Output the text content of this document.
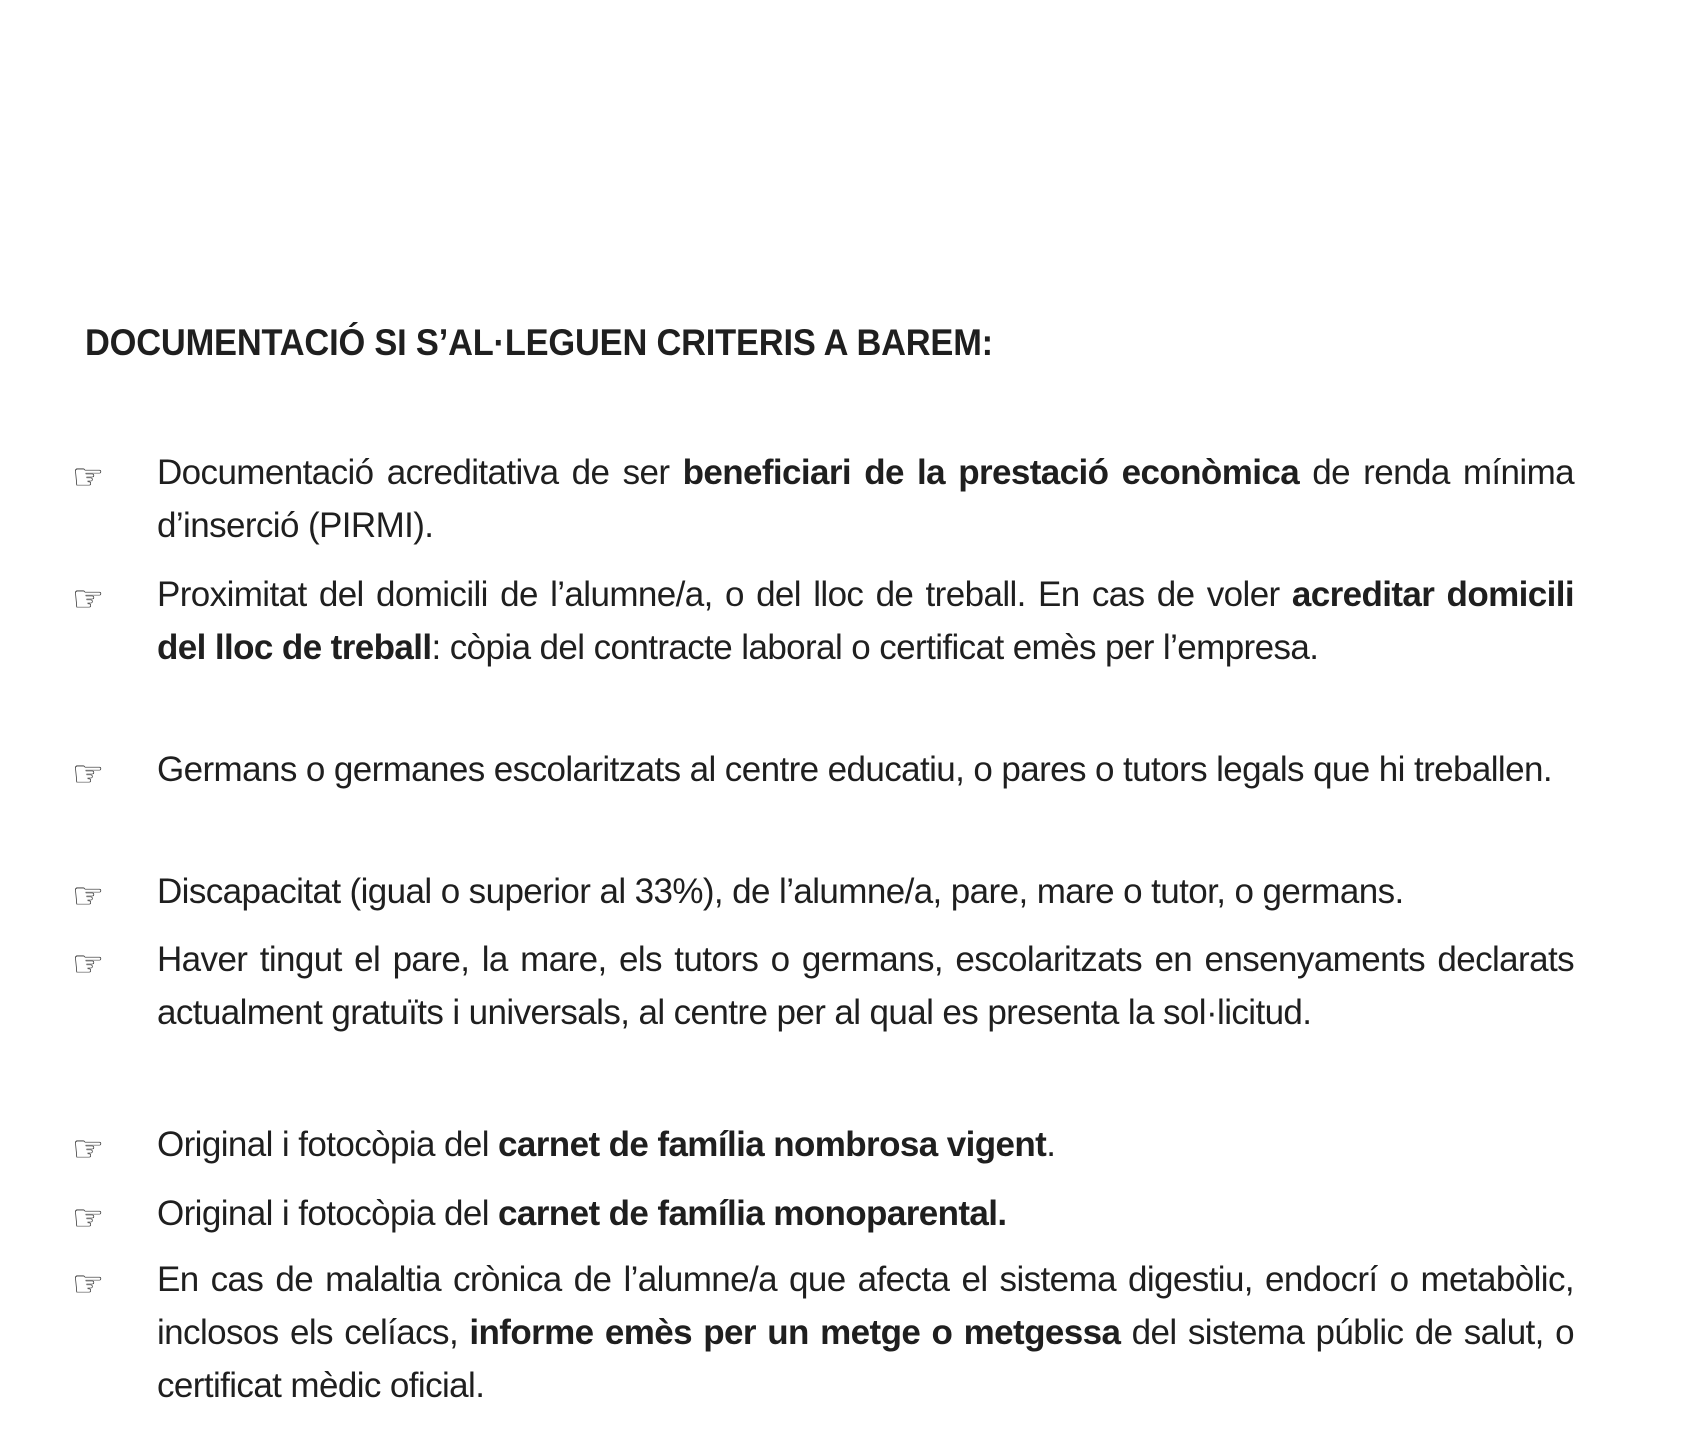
DOCUMENTACIÓ SI S’AL·LEGUEN CRITERIS A BAREM:
☞ Documentació acreditativa de ser beneficiari de la prestació econòmica de renda mínima d’inserció (PIRMI).
☞ Proximitat del domicili de l’alumne/a, o del lloc de treball. En cas de voler acreditar domicili del lloc de treball: còpia del contracte laboral o certificat emès per l’empresa.
☞ Germans o germanes escolaritzats al centre educatiu, o pares o tutors legals que hi treballen.
☞ Discapacitat (igual o superior al 33%), de l’alumne/a, pare, mare o tutor, o germans.
☞ Haver tingut el pare, la mare, els tutors o germans, escolaritzats en ensenyaments declarats actualment gratuïts i universals, al centre per al qual es presenta la sol·licitud.
☞ Original i fotocòpia del carnet de família nombrosa vigent.
☞ Original i fotocòpia del carnet de família monoparental.
☞ En cas de malaltia crònica de l’alumne/a que afecta el sistema digestiu, endocrí o metabòlic, inclosos els celíacs, informe emès per un metge o metgessa del sistema públic de salut, o certificat mèdic oficial.
